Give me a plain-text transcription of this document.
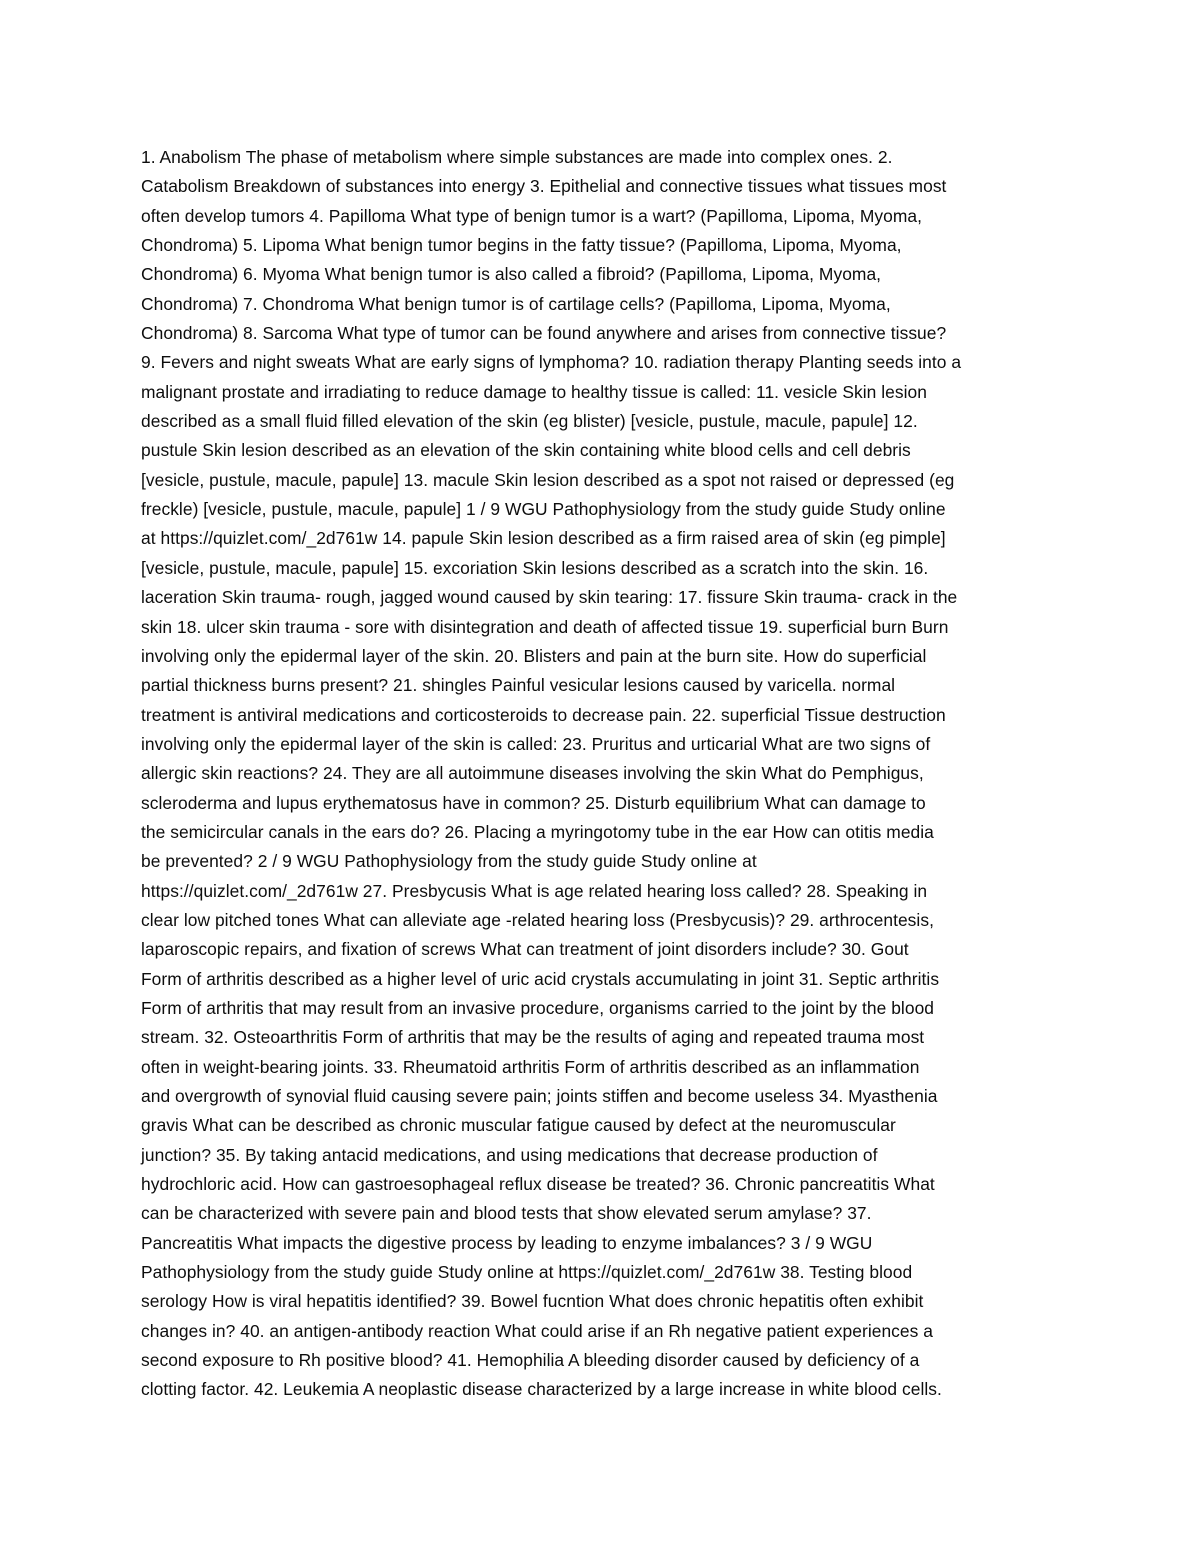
1. Anabolism The phase of metabolism where simple substances are made into complex ones. 2.
Catabolism Breakdown of substances into energy 3. Epithelial and connective tissues what tissues most
often develop tumors 4. Papilloma What type of benign tumor is a wart? (Papilloma, Lipoma, Myoma,
Chondroma) 5. Lipoma What benign tumor begins in the fatty tissue? (Papilloma, Lipoma, Myoma,
Chondroma) 6. Myoma What benign tumor is also called a fibroid? (Papilloma, Lipoma, Myoma,
Chondroma) 7. Chondroma What benign tumor is of cartilage cells? (Papilloma, Lipoma, Myoma,
Chondroma) 8. Sarcoma What type of tumor can be found anywhere and arises from connective tissue?
9. Fevers and night sweats What are early signs of lymphoma? 10. radiation therapy Planting seeds into a
malignant prostate and irradiating to reduce damage to healthy tissue is called: 11. vesicle Skin lesion
described as a small fluid filled elevation of the skin (eg blister) [vesicle, pustule, macule, papule] 12.
pustule Skin lesion described as an elevation of the skin containing white blood cells and cell debris
[vesicle, pustule, macule, papule] 13. macule Skin lesion described as a spot not raised or depressed (eg
freckle) [vesicle, pustule, macule, papule] 1 / 9 WGU Pathophysiology from the study guide Study online
at https://quizlet.com/_2d761w 14. papule Skin lesion described as a firm raised area of skin (eg pimple]
[vesicle, pustule, macule, papule] 15. excoriation Skin lesions described as a scratch into the skin. 16.
laceration Skin trauma- rough, jagged wound caused by skin tearing: 17. fissure Skin trauma- crack in the
skin 18. ulcer skin trauma - sore with disintegration and death of affected tissue 19. superficial burn Burn
involving only the epidermal layer of the skin. 20. Blisters and pain at the burn site. How do superficial
partial thickness burns present? 21. shingles Painful vesicular lesions caused by varicella. normal
treatment is antiviral medications and corticosteroids to decrease pain. 22. superficial Tissue destruction
involving only the epidermal layer of the skin is called: 23. Pruritus and urticarial What are two signs of
allergic skin reactions? 24. They are all autoimmune diseases involving the skin What do Pemphigus,
scleroderma and lupus erythematosus have in common? 25. Disturb equilibrium What can damage to
the semicircular canals in the ears do? 26. Placing a myringotomy tube in the ear How can otitis media
be prevented? 2 / 9 WGU Pathophysiology from the study guide Study online at
https://quizlet.com/_2d761w 27. Presbycusis What is age related hearing loss called? 28. Speaking in
clear low pitched tones What can alleviate age -related hearing loss (Presbycusis)? 29. arthrocentesis,
laparoscopic repairs, and fixation of screws What can treatment of joint disorders include? 30. Gout
Form of arthritis described as a higher level of uric acid crystals accumulating in joint 31. Septic arthritis
Form of arthritis that may result from an invasive procedure, organisms carried to the joint by the blood
stream. 32. Osteoarthritis Form of arthritis that may be the results of aging and repeated trauma most
often in weight-bearing joints. 33. Rheumatoid arthritis Form of arthritis described as an inflammation
and overgrowth of synovial fluid causing severe pain; joints stiffen and become useless 34. Myasthenia
gravis What can be described as chronic muscular fatigue caused by defect at the neuromuscular
junction? 35. By taking antacid medications, and using medications that decrease production of
hydrochloric acid. How can gastroesophageal reflux disease be treated? 36. Chronic pancreatitis What
can be characterized with severe pain and blood tests that show elevated serum amylase? 37.
Pancreatitis What impacts the digestive process by leading to enzyme imbalances? 3 / 9 WGU
Pathophysiology from the study guide Study online at https://quizlet.com/_2d761w 38. Testing blood
serology How is viral hepatitis identified? 39. Bowel fucntion What does chronic hepatitis often exhibit
changes in? 40. an antigen-antibody reaction What could arise if an Rh negative patient experiences a
second exposure to Rh positive blood? 41. Hemophilia A bleeding disorder caused by deficiency of a
clotting factor. 42. Leukemia A neoplastic disease characterized by a large increase in white blood cells.
